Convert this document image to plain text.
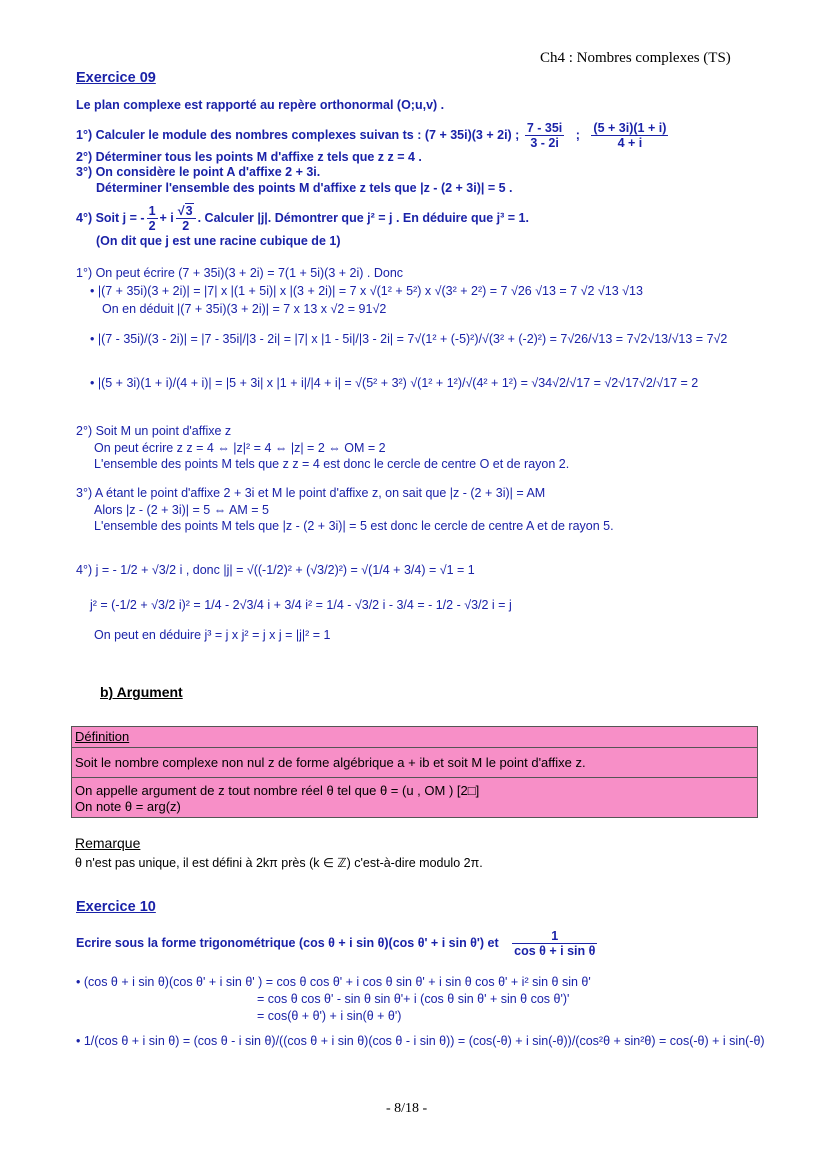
Ch4 : Nombres complexes (TS)
Exercice 09
Le plan complexe est rapporté au repère orthonormal (O;u,v) .
1°) Calculer le module des nombres complexes suivan ts : (7 + 35i)(3 + 2i) ; $\frac{7 - 35i}{3 - 2i}$ ; $\frac{(5 + 3i)(1 + i)}{4 + i}$
2°) Déterminer tous les points M d'affixe z tels que z z = 4 .
3°) On considère le point A d'affixe 2 + 3i.
Déterminer l'ensemble des points M d'affixe z tels que |z - (2 + 3i)| = 5 .
4°) Soit j = - $\frac{1}{2} + i$
√ $\frac{3}{2}$ . Calculer |j|. Démontrer que j² = j . En déduire que j³ = 1.
(On dit que j est une racine cubique de 1)
1°) On peut écrire (7 + 35i)(3 + 2i) = 7(1 + 5i)(3 + 2i) . Donc
• |(7 + 35i)(3 + 2i)| = |7| x |(1 + 5i)| x |(3 + 2i)| = 7 x √(1² + 5²) x √(3² + 2²) = 7 √26 √13 = 7 √2 √13 √13
On en déduit |(7 + 35i)(3 + 2i)| = 7 x 13 x √2 = 91√2
• |(7 - 35i)/(3 - 2i)| = |7 - 35i|/|3 - 2i| = |7| x |1 - 5i|/|3 - 2i| = 7√(1² + (-5)²)/√(3² + (-2)²) = 7√26/√13 = 7√2√13/√13 = 7√2
• |(5 + 3i)(1 + i)/(4 + i)| = |5 + 3i| x |1 + i|/|4 + i| = √(5² + 3²) √(1² + 1²)/√(4² + 1²) = √34√2/√17 = √2√17√2/√17 = 2
2°) Soit M un point d'affixe z
On peut écrire z z = 4 ⇔ |z|² = 4 ⇔ |z| = 2 ⇔ OM = 2
L'ensemble des points M tels que z z = 4 est donc le cercle de centre O et de rayon 2.
3°) A étant le point d'affixe 2 + 3i et M le point d'affixe z, on sait que |z - (2 + 3i)| = AM
Alors |z - (2 + 3i)| = 5 ⇔ AM = 5
L'ensemble des points M tels que |z - (2 + 3i)| = 5 est donc le cercle de centre A et de rayon 5.
4°) j = - 1/2 + √3/2 i , donc |j| = √((-1/2)² + (√3/2)²) = √(1/4 + 3/4) = √1 = 1
j² = (-1/2 + √3/2 i)² = 1/4 - 2√3/4 i + 3/4 i² = 1/4 - √3/2 i - 3/4 = - 1/2 - √3/2 i = j
On peut en déduire j³ = j x j² = j x j = |j|² = 1
b) Argument
Définition
Soit le nombre complexe non nul z de forme algébrique a + ib et soit M le point d'affixe z.
On appelle argument de z tout nombre réel θ tel que θ = (u , OM ) [2□]
On note θ = arg(z)
Remarque
θ n'est pas unique, il est défini à 2kπ près (k ∈ ℤ) c'est-à-dire modulo 2π.
Exercice 10
Ecrire sous la forme trigonométrique (cos θ + i sin θ)(cos θ' + i sin θ') et $\frac{1}{\text{cos θ + i sin θ}}$
• (cos θ + i sin θ)(cos θ' + i sin θ' ) = cos θ cos θ' + i cos θ sin θ' + i sin θ cos θ' + i² sin θ sin θ'
= cos θ cos θ' - sin θ sin θ'+ i (cos θ sin θ' + sin θ cos θ')'
= cos(θ + θ') + i sin(θ + θ')
• 1/(cos θ + i sin θ) = (cos θ - i sin θ)/((cos θ + i sin θ)(cos θ - i sin θ)) = (cos(-θ) + i sin(-θ))/(cos²θ + sin²θ) = cos(-θ) + i sin(-θ)
- 8/18 -
